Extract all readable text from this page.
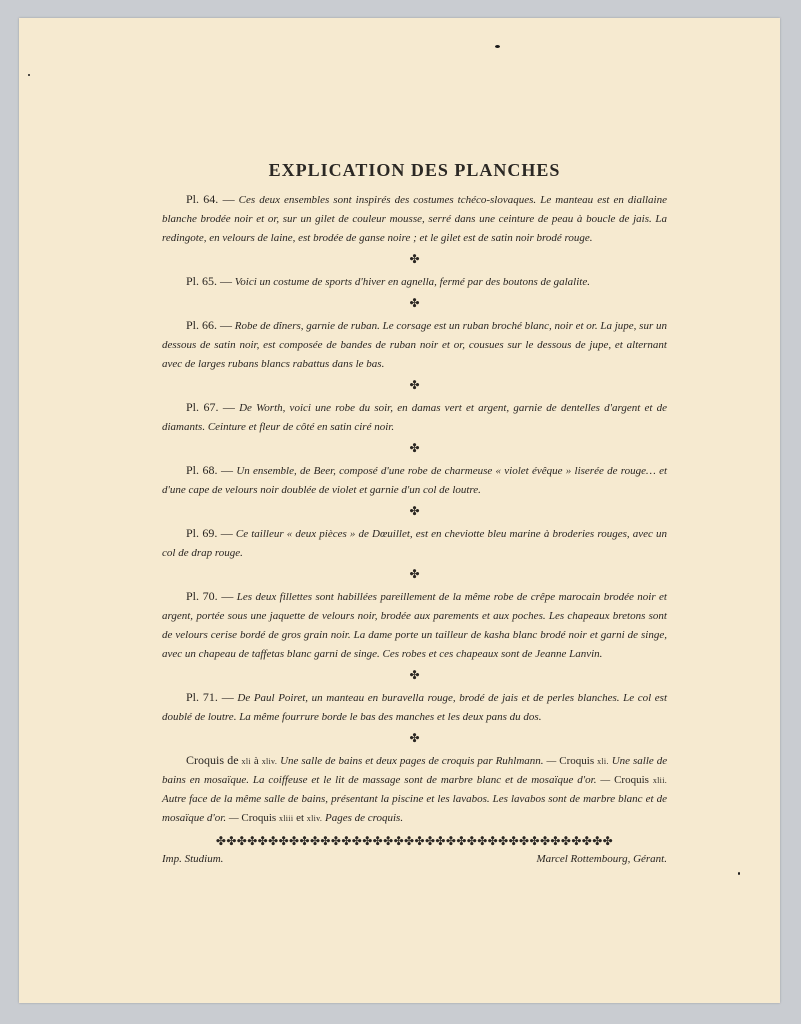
EXPLICATION DES PLANCHES

Pl. 64. — Ces deux ensembles sont inspirés des costumes tchéco-slovaques. Le manteau est en diallaine blanche brodée noir et or, sur un gilet de couleur mousse, serré dans une ceinture de peau à boucle de jais. La redingote, en velours de laine, est brodée de ganse noire ; et le gilet est de satin noir brodé rouge.

✤

Pl. 65. — Voici un costume de sports d'hiver en agnella, fermé par des boutons de galalite.

✤

Pl. 66. — Robe de dîners, garnie de ruban. Le corsage est un ruban broché blanc, noir et or. La jupe, sur un dessous de satin noir, est composée de bandes de ruban noir et or, cousues sur le dessous de jupe, et alternant avec de larges rubans blancs rabattus dans le bas.

✤

Pl. 67. — De Worth, voici une robe du soir, en damas vert et argent, garnie de dentelles d'argent et de diamants. Ceinture et fleur de côté en satin ciré noir.

✤

Pl. 68. — Un ensemble, de Beer, composé d'une robe de charmeuse « violet évêque » liserée de rouge… et d'une cape de velours noir doublée de violet et garnie d'un col de loutre.

✤

Pl. 69. — Ce tailleur « deux pièces » de Dœuillet, est en cheviotte bleu marine à broderies rouges, avec un col de drap rouge.

✤

Pl. 70. — Les deux fillettes sont habillées pareillement de la même robe de crêpe marocain brodée noir et argent, portée sous une jaquette de velours noir, brodée aux parements et aux poches. Les chapeaux bretons sont de velours cerise bordé de gros grain noir. La dame porte un tailleur de kasha blanc brodé noir et garni de singe, avec un chapeau de taffetas blanc garni de singe. Ces robes et ces chapeaux sont de Jeanne Lanvin.

✤

Pl. 71. — De Paul Poiret, un manteau en buravella rouge, brodé de jais et de perles blanches. Le col est doublé de loutre. La même fourrure borde le bas des manches et les deux pans du dos.

✤

Croquis de xli à xliv. Une salle de bains et deux pages de croquis par Ruhlmann. — Croquis xli. Une salle de bains en mosaïque. La coiffeuse et le lit de massage sont de marbre blanc et de mosaïque d'or. — Croquis xlii. Autre face de la même salle de bains, présentant la piscine et les lavabos. Les lavabos sont de marbre blanc et de mosaïque d'or. — Croquis xliii et xliv. Pages de croquis.

✤✤✤✤✤✤✤✤✤✤✤✤✤✤✤✤✤✤✤✤✤✤✤✤✤✤✤✤✤✤✤✤✤✤✤✤✤✤
Imp. Studium.	Marcel Rottembourg, Gérant.
